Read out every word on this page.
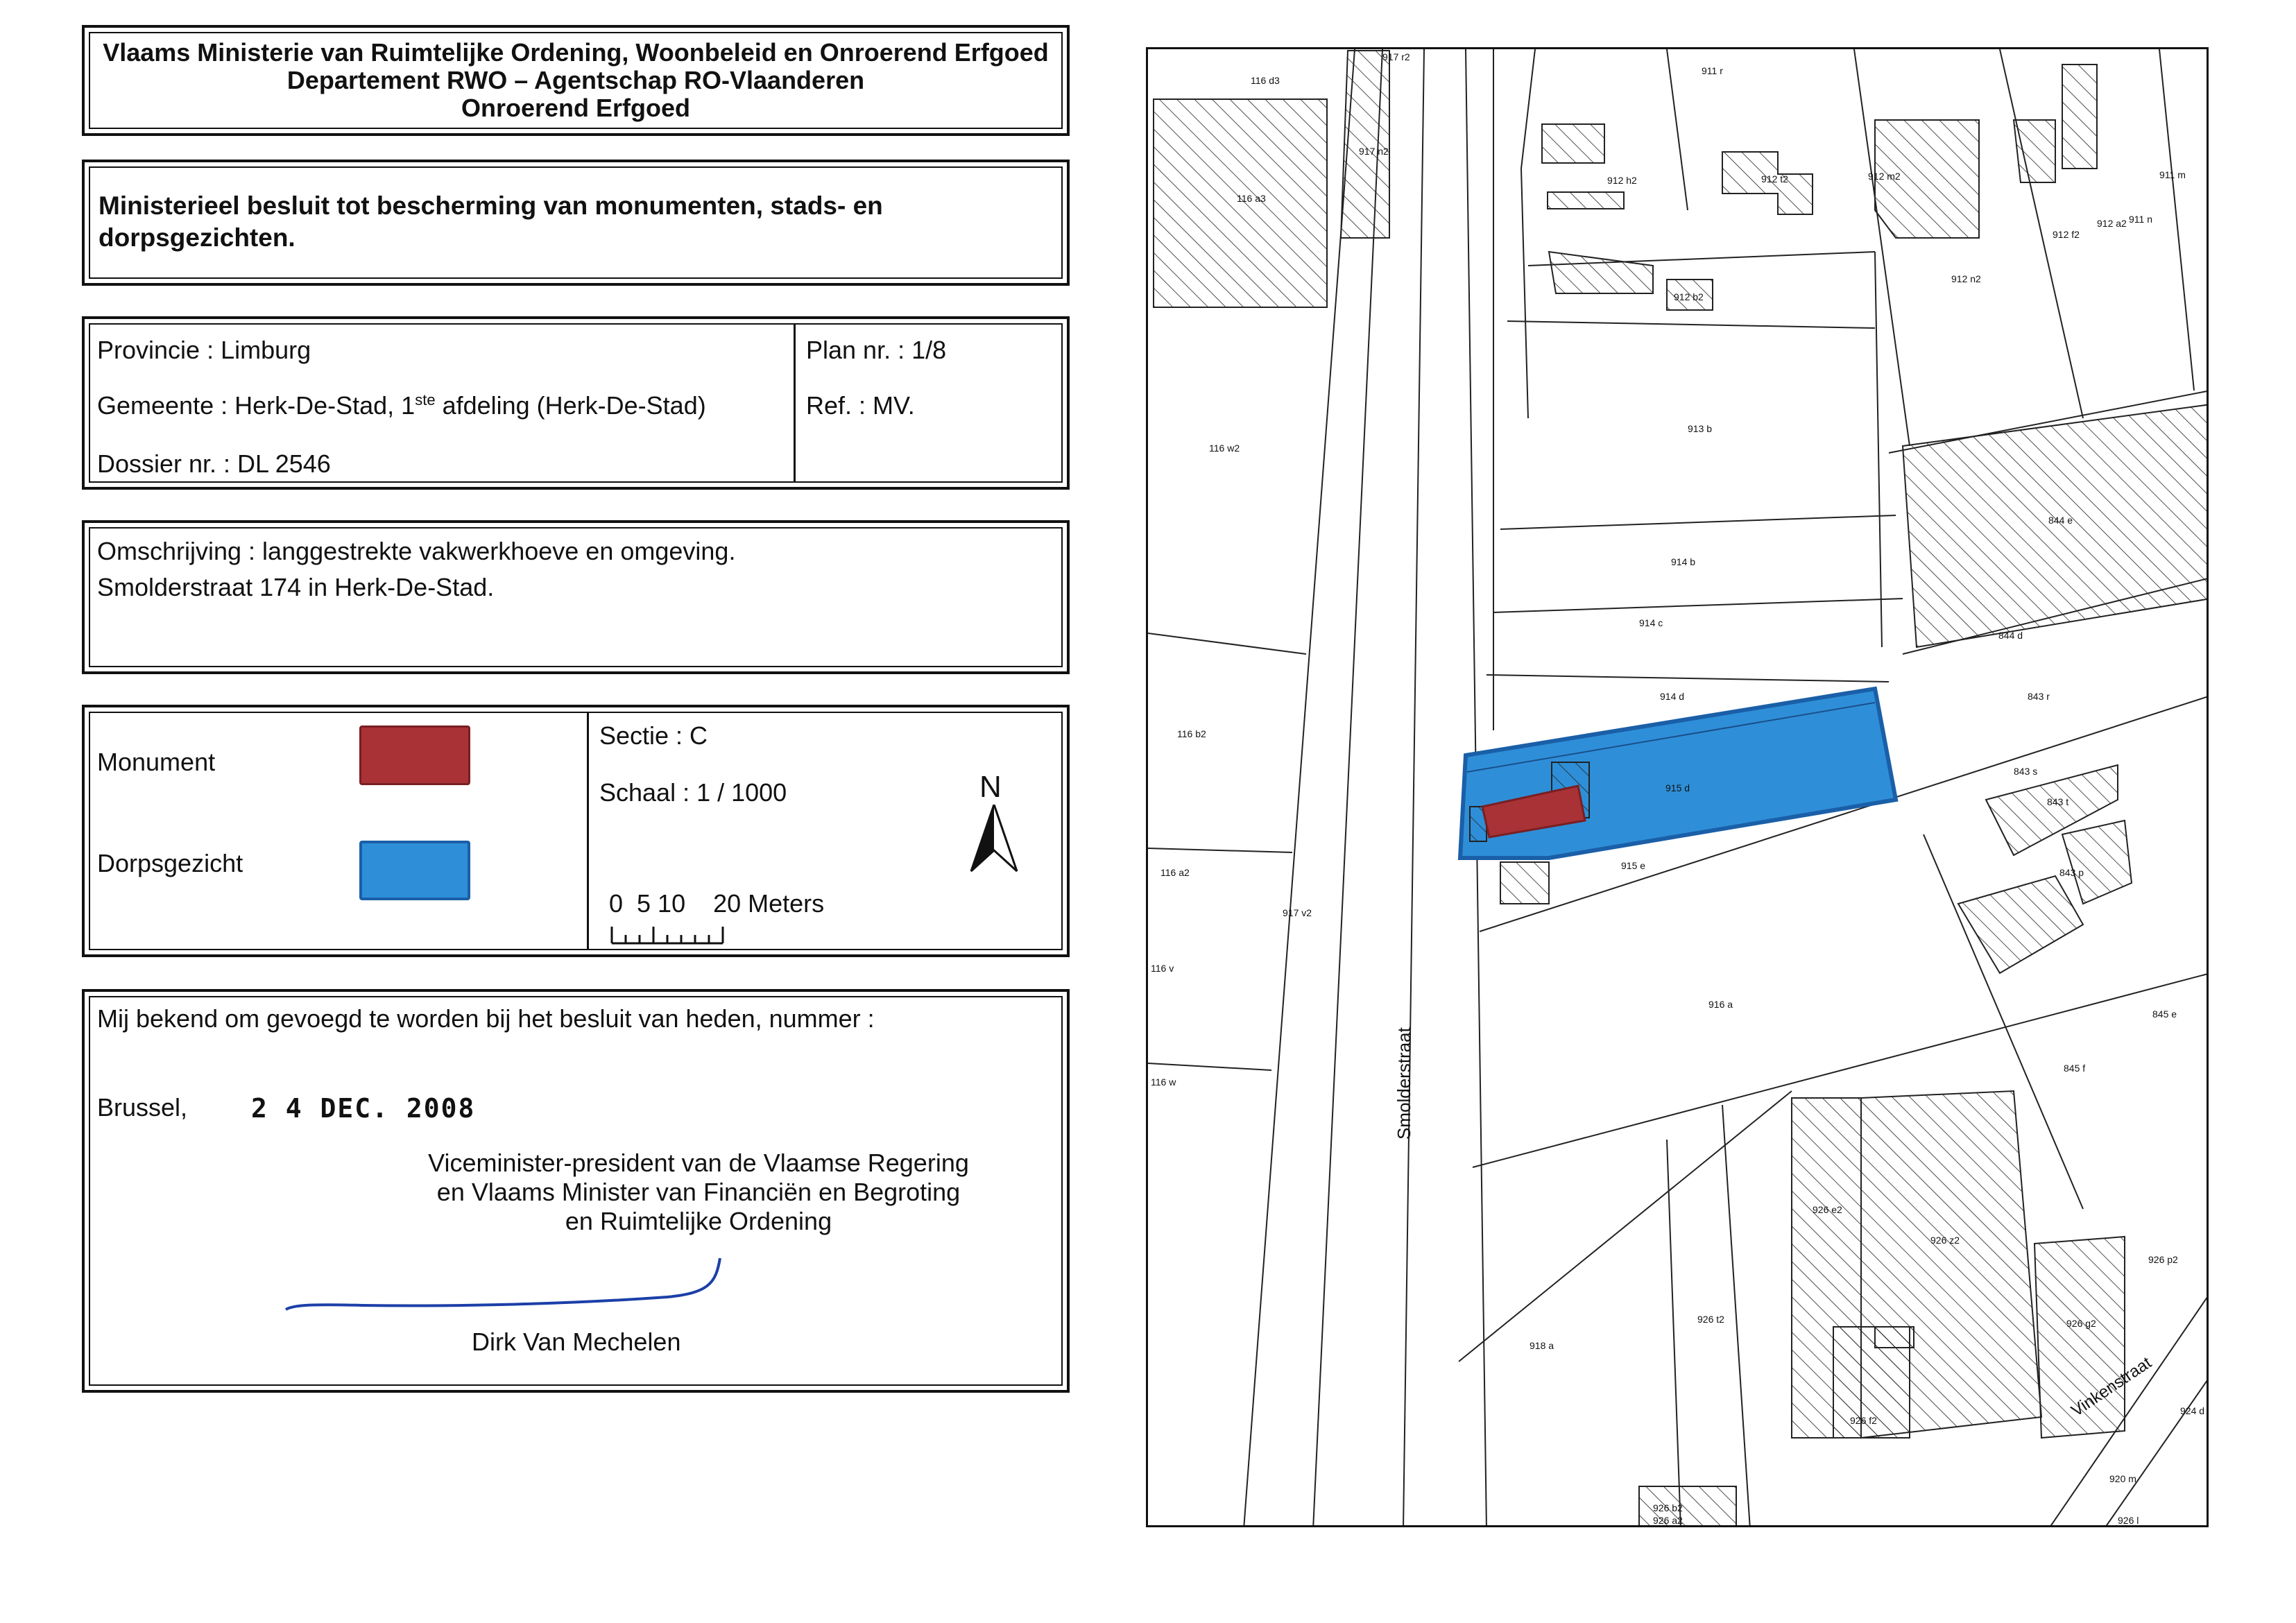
Vlaams Ministerie van Ruimtelijke Ordening, Woonbeleid en Onroerend Erfgoed
Departement RWO – Agentschap RO-Vlaanderen
Onroerend Erfgoed
Ministerieel besluit tot bescherming van monumenten, stads- en
dorpsgezichten.
Provincie : Limburg
Gemeente : Herk-De-Stad, 1ste afdeling (Herk-De-Stad)
Dossier nr. : DL 2546
Plan nr. : 1/8
Ref. : MV.
Omschrijving : langgestrekte vakwerkhoeve en omgeving.
Smolderstraat 174 in Herk-De-Stad.
Monument
Dorpsgezicht
Sectie : C
Schaal : 1 / 1000	N
0  5 10    20 Meters
Mij bekend om gevoegd te worden bij het besluit van heden, nummer :
Brussel, 2 4 DEC. 2008
Viceminister-president van de Vlaamse Regering
en Vlaams Minister van Financiën en Begroting
en Ruimtelijke Ordening
Dirk Van Mechelen
Smolderstraat
Vinkenstraat
911 r
116 d3
917 r2
917 n2
116 a3
912 h2	912 t2	912 m2	911 m
912 f2
912 a2 911 n
912 n2
912 b2
913 b
116 w2
844 e
914 b
914 c
844 d
914 d	843 r
116 b2
915 d
843 s
843 t
915 e
116 a2
917 v2
843 p
116 v
916 a
845 e
845 f
116 w
926 e2
926 z2
926 p2
926 g2
918 a
926 t2
926 f2
924 d
920 m
926 b2
926 a2	926 l
